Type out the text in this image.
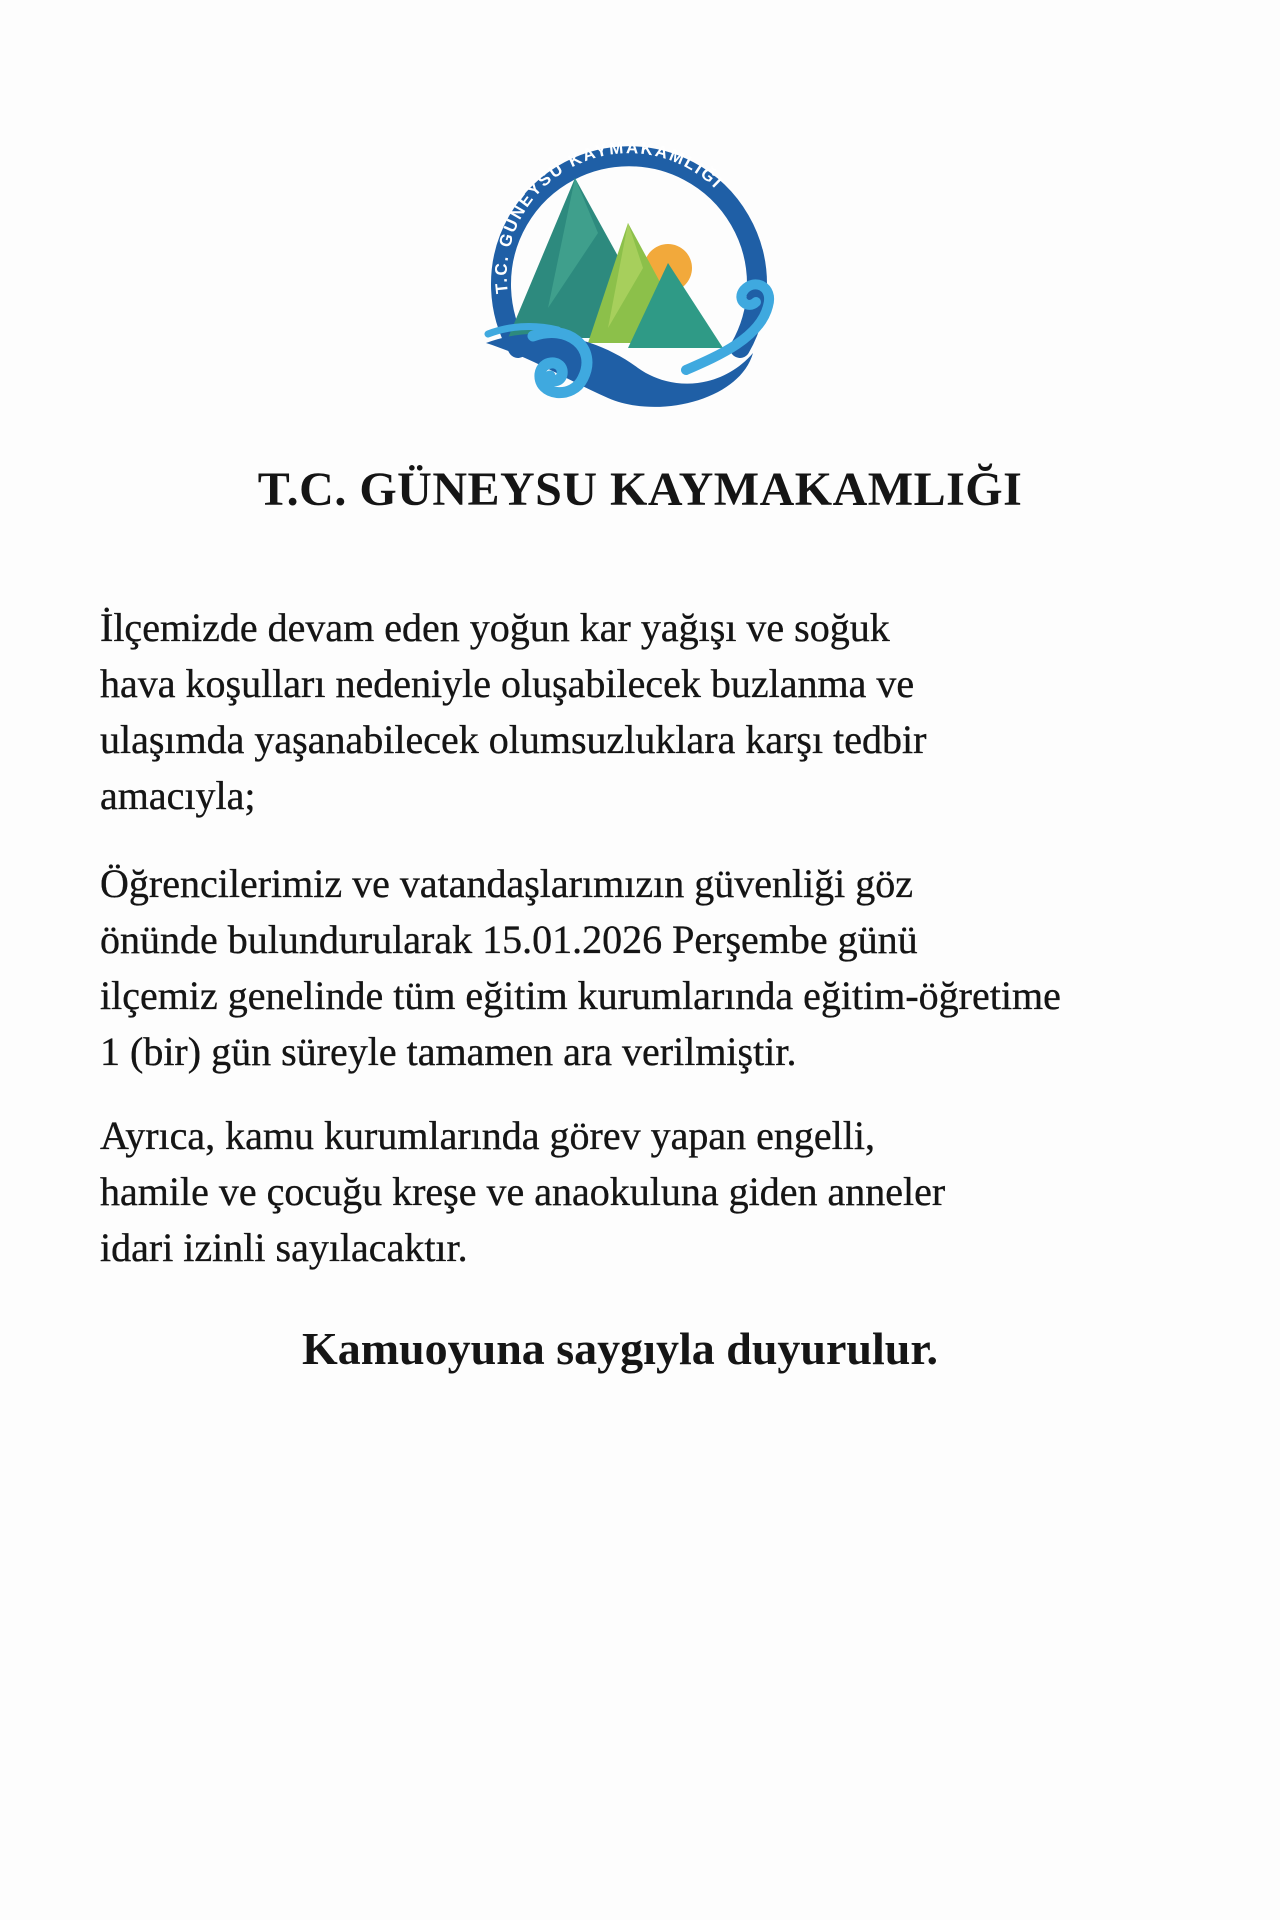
T.C. GÜNEYSU KAYMAKAMLIĞI
T.C. GÜNEYSU KAYMAKAMLIĞI
İlçemizde devam eden yoğun kar yağışı ve soğuk
hava koşulları nedeniyle oluşabilecek buzlanma ve
ulaşımda yaşanabilecek olumsuzluklara karşı tedbir
amacıyla;
Öğrencilerimiz ve vatandaşlarımızın güvenliği göz
önünde bulundurularak 15.01.2026 Perşembe günü
ilçemiz genelinde tüm eğitim kurumlarında eğitim-öğretime
1 (bir) gün süreyle tamamen ara verilmiştir.
Ayrıca, kamu kurumlarında görev yapan engelli,
hamile ve çocuğu kreşe ve anaokuluna giden anneler
idari izinli sayılacaktır.
Kamuoyuna saygıyla duyurulur.
